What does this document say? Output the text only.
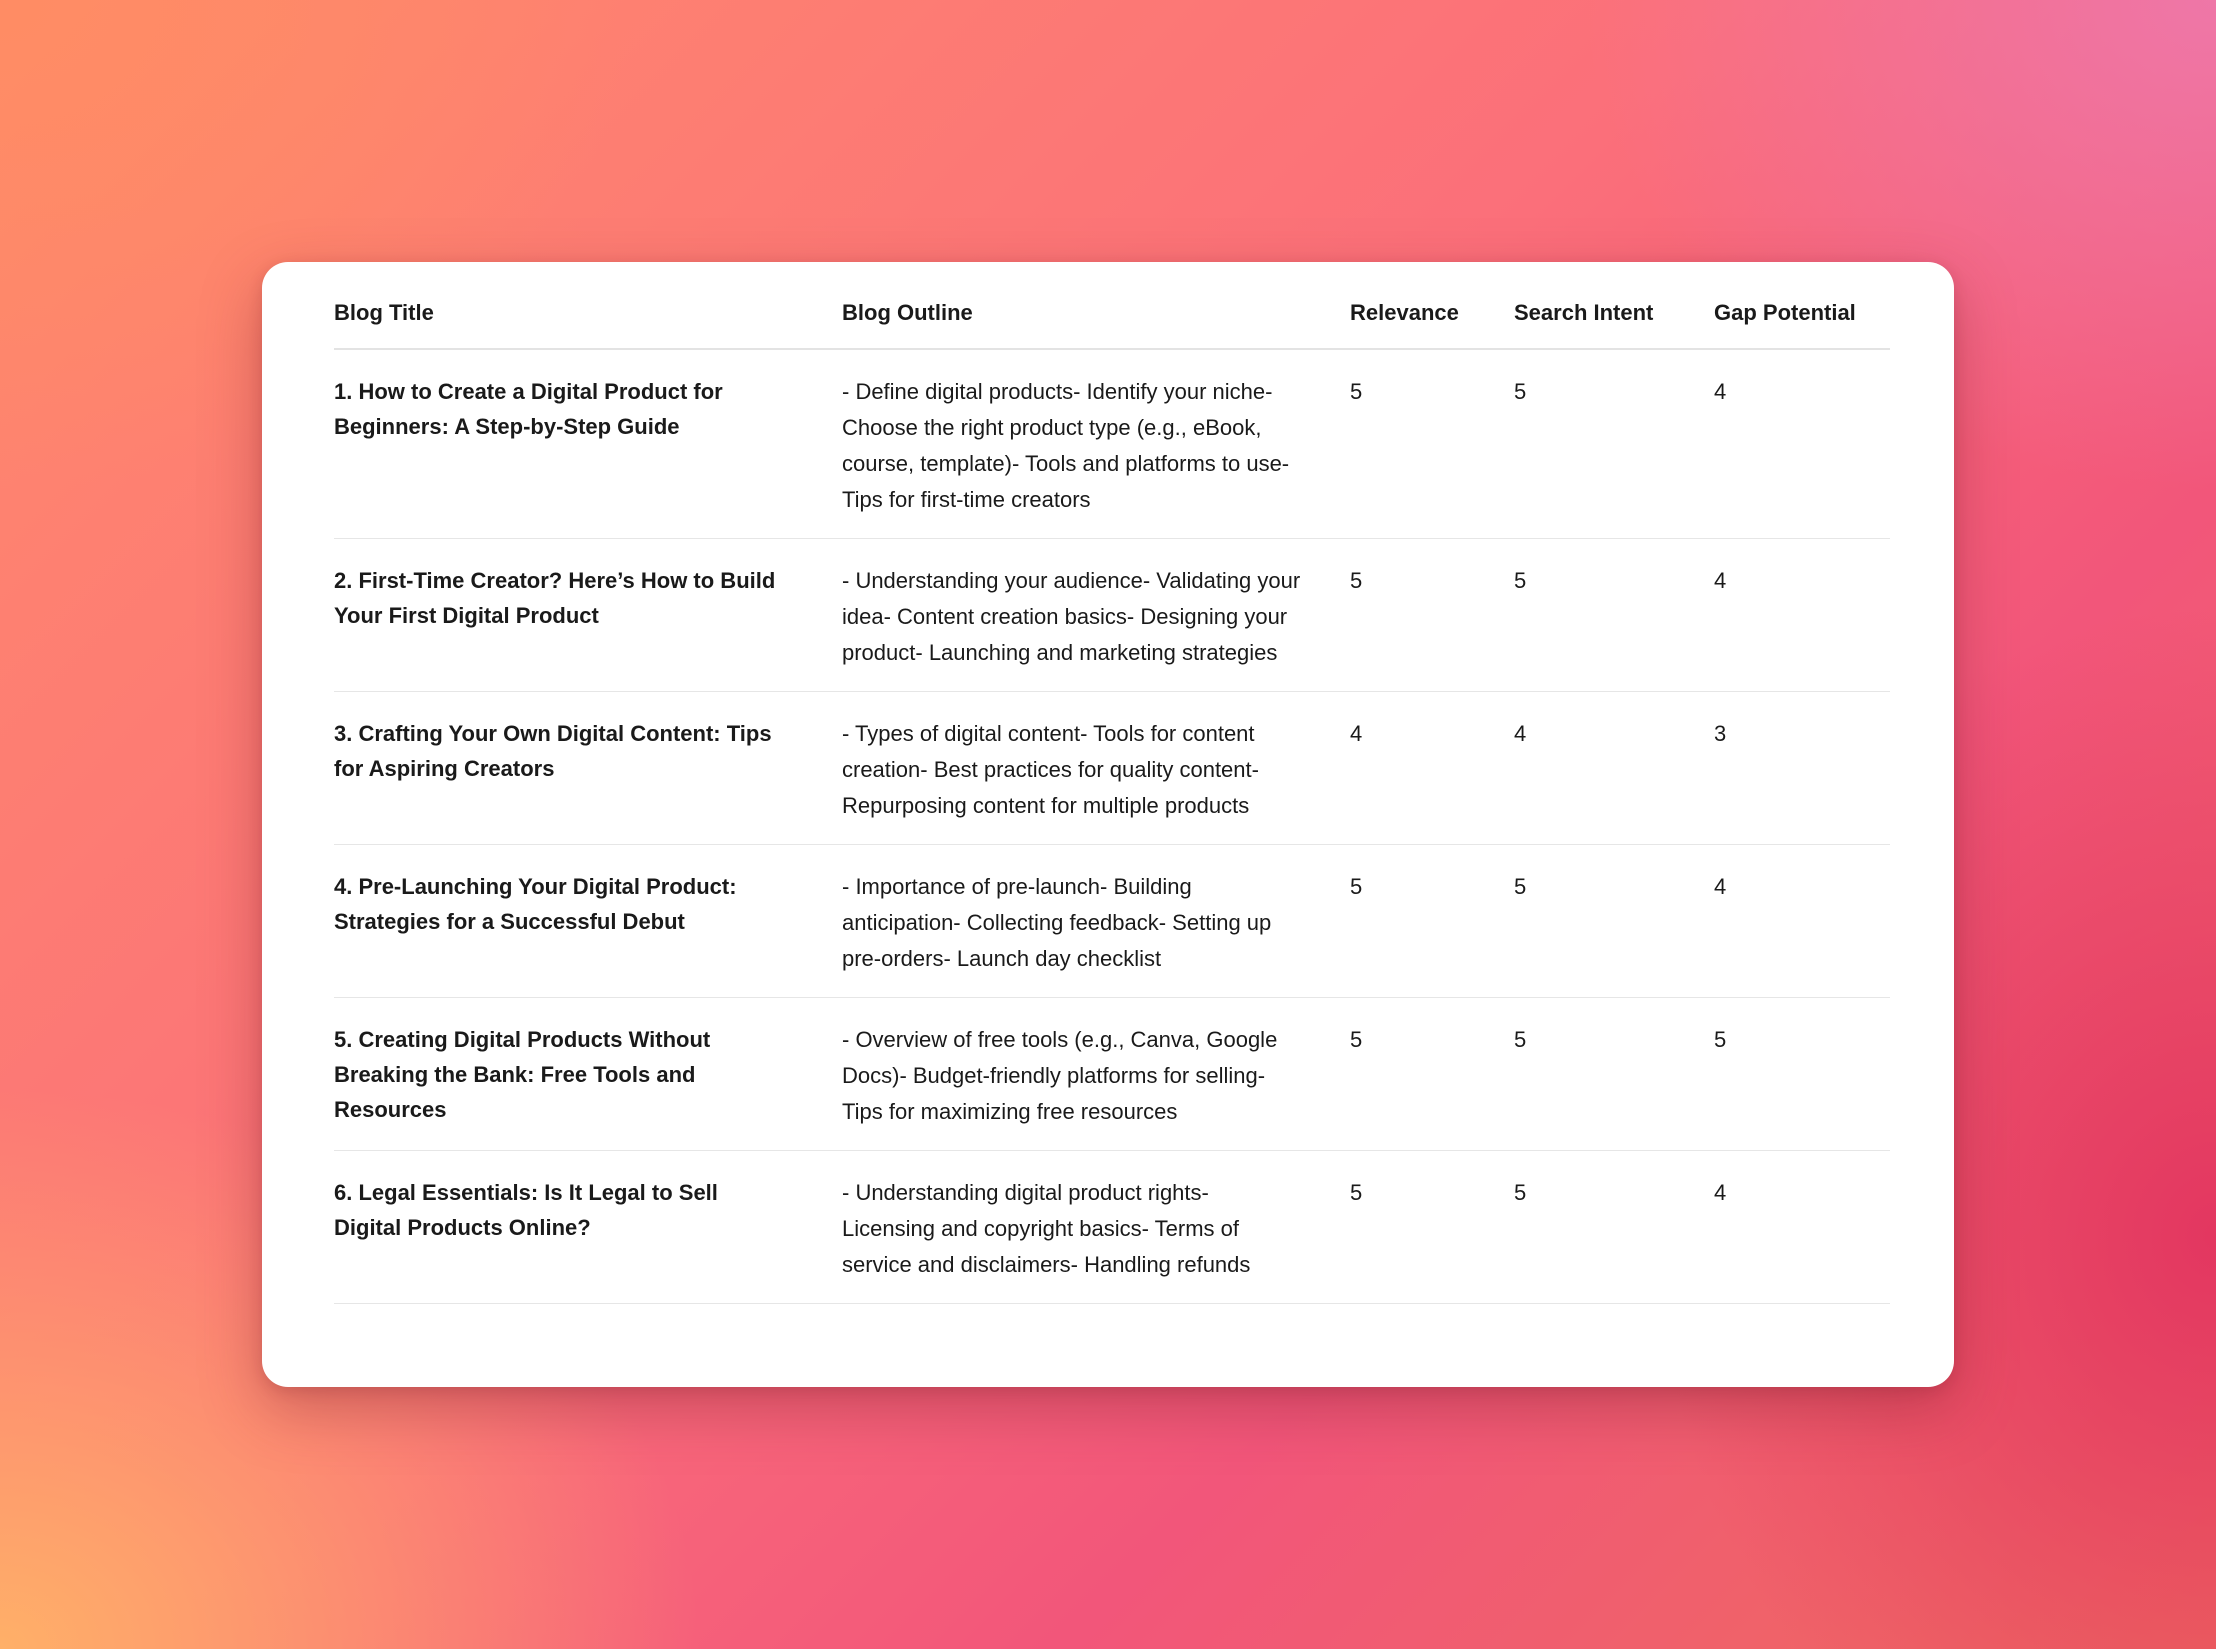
Blog Title	Blog Outline	Relevance	Search Intent	Gap Potential
1. How to Create a Digital Product for Beginners: A Step-by-Step Guide	- Define digital products- Identify your niche- Choose the right product type (e.g., eBook, course, template)- Tools and platforms to use- Tips for first-time creators	5	5	4
2. First-Time Creator? Here’s How to Build Your First Digital Product	- Understanding your audience- Validating your idea- Content creation basics- Designing your product- Launching and marketing strategies	5	5	4
3. Crafting Your Own Digital Content: Tips for Aspiring Creators	- Types of digital content- Tools for content creation- Best practices for quality content- Repurposing content for multiple products	4	4	3
4. Pre-Launching Your Digital Product: Strategies for a Successful Debut	- Importance of pre-launch- Building anticipation- Collecting feedback- Setting up pre-orders- Launch day checklist	5	5	4
5. Creating Digital Products Without Breaking the Bank: Free Tools and Resources	- Overview of free tools (e.g., Canva, Google Docs)- Budget-friendly platforms for selling- Tips for maximizing free resources	5	5	5
6. Legal Essentials: Is It Legal to Sell Digital Products Online?	- Understanding digital product rights- Licensing and copyright basics- Terms of service and disclaimers- Handling refunds	5	5	4
